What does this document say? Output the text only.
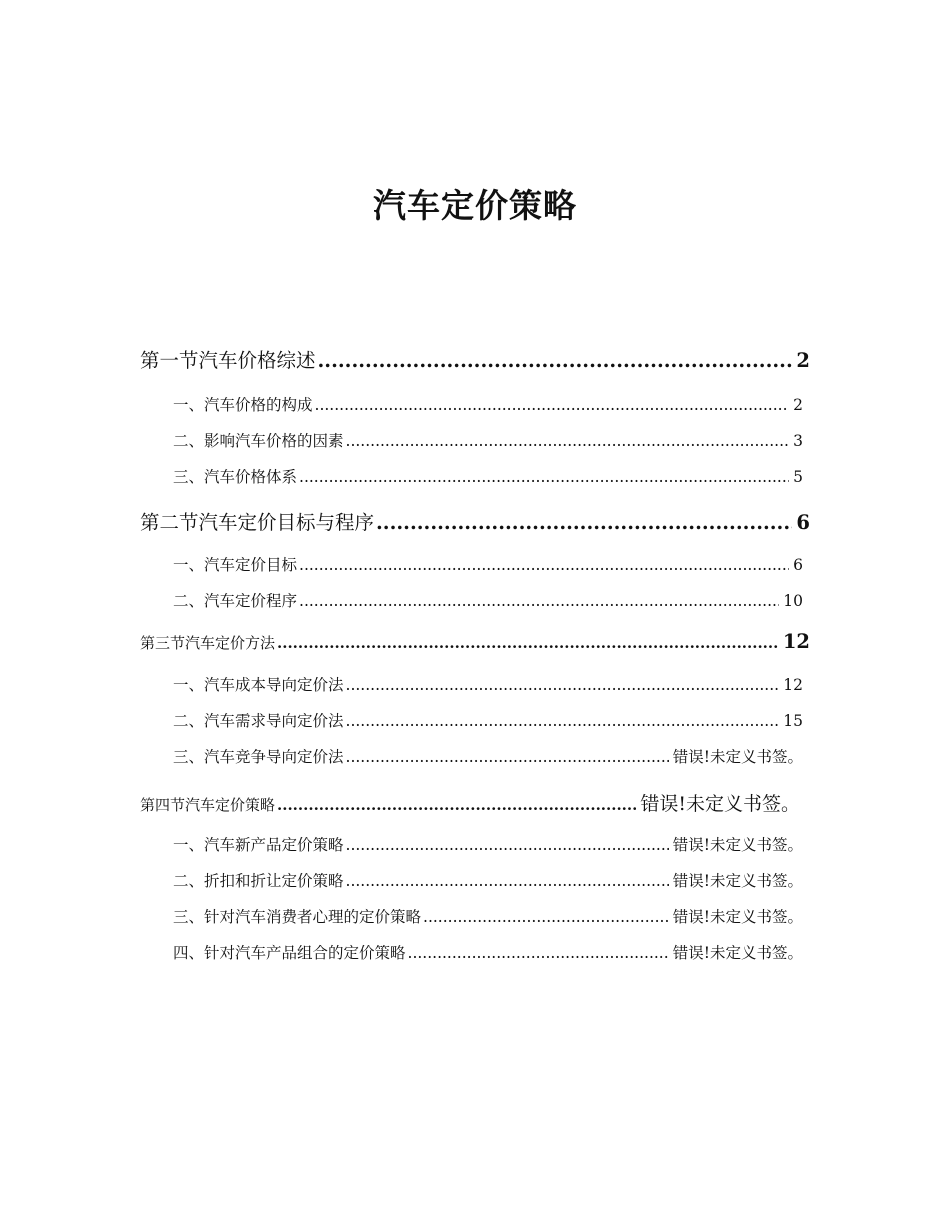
汽车定价策略
第一节汽车价格综述 .....	2
一、汽车价格的构成 .....	2
二、影响汽车价格的因素 .....	3
三、汽车价格体系 .....	5
第二节汽车定价目标与程序 .....	6
一、汽车定价目标 .....	6
二、汽车定价程序 .....	10
第三节汽车定价方法 .....	12
一、汽车成本导向定价法 .....	12
二、汽车需求导向定价法 .....	15
三、汽车竞争导向定价法 .....	错误!未定义书签。
第四节汽车定价策略 .....	错误!未定义书签。
一、汽车新产品定价策略 .....	错误!未定义书签。
二、折扣和折让定价策略 .....	错误!未定义书签。
三、针对汽车消费者心理的定价策略 .....	错误!未定义书签。
四、针对汽车产品组合的定价策略 .....	错误!未定义书签。
